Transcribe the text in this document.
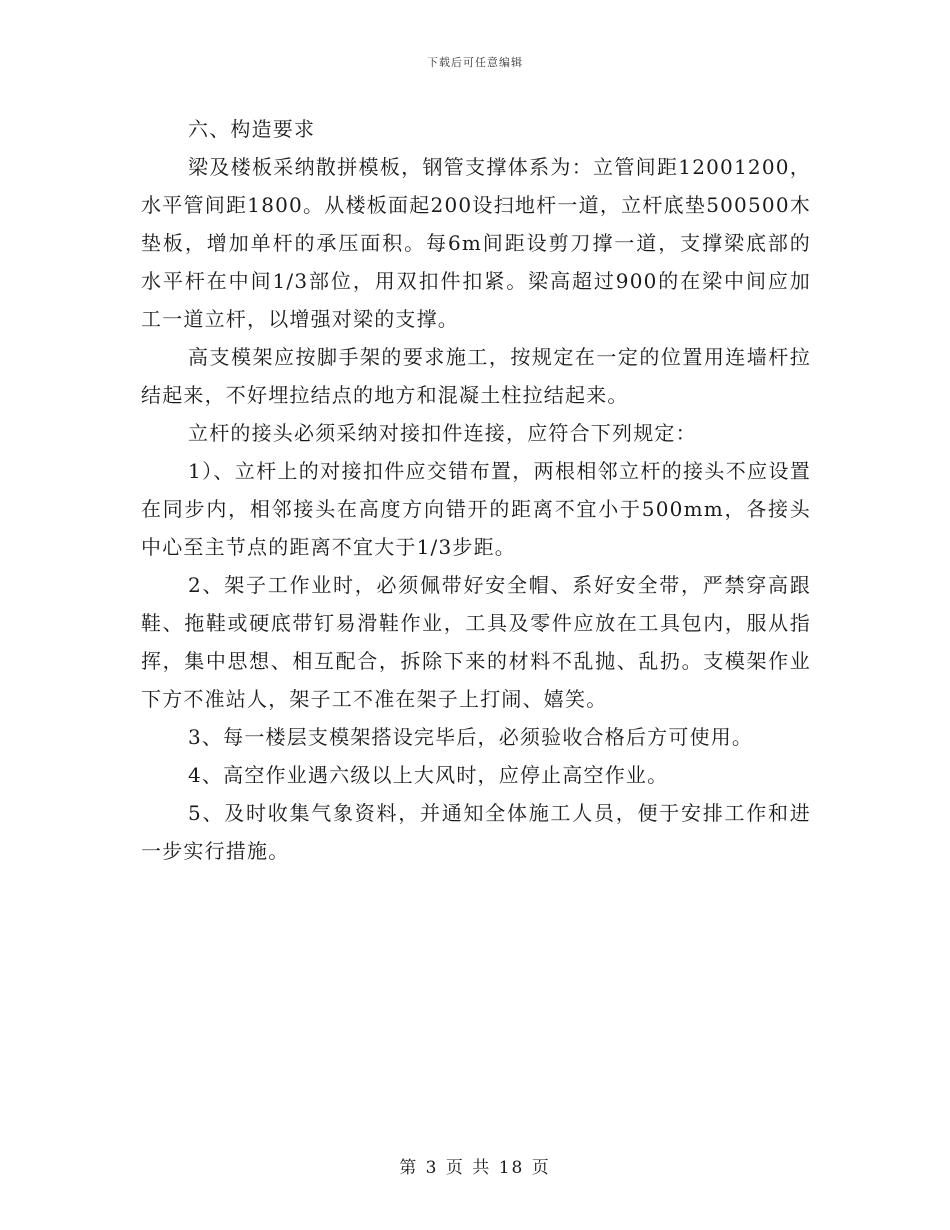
下载后可任意编辑

六、构造要求

梁及楼板采纳散拼模板，钢管支撑体系为：立管间距12001200，水平管间距1800。从楼板面起200设扫地杆一道，立杆底垫500500木垫板，增加单杆的承压面积。每6m间距设剪刀撑一道，支撑梁底部的水平杆在中间1/3部位，用双扣件扣紧。梁高超过900的在梁中间应加工一道立杆，以增强对梁的支撑。

高支模架应按脚手架的要求施工，按规定在一定的位置用连墙杆拉结起来，不好埋拉结点的地方和混凝土柱拉结起来。

立杆的接头必须采纳对接扣件连接，应符合下列规定：

1）、立杆上的对接扣件应交错布置，两根相邻立杆的接头不应设置在同步内，相邻接头在高度方向错开的距离不宜小于500mm，各接头中心至主节点的距离不宜大于1/3步距。

2、架子工作业时，必须佩带好安全帽、系好安全带，严禁穿高跟鞋、拖鞋或硬底带钉易滑鞋作业，工具及零件应放在工具包内，服从指挥，集中思想、相互配合，拆除下来的材料不乱抛、乱扔。支模架作业下方不准站人，架子工不准在架子上打闹、嬉笑。

3、每一楼层支模架搭设完毕后，必须验收合格后方可使用。

4、高空作业遇六级以上大风时，应停止高空作业。

5、及时收集气象资料，并通知全体施工人员，便于安排工作和进一步实行措施。

第 3 页 共 18 页
